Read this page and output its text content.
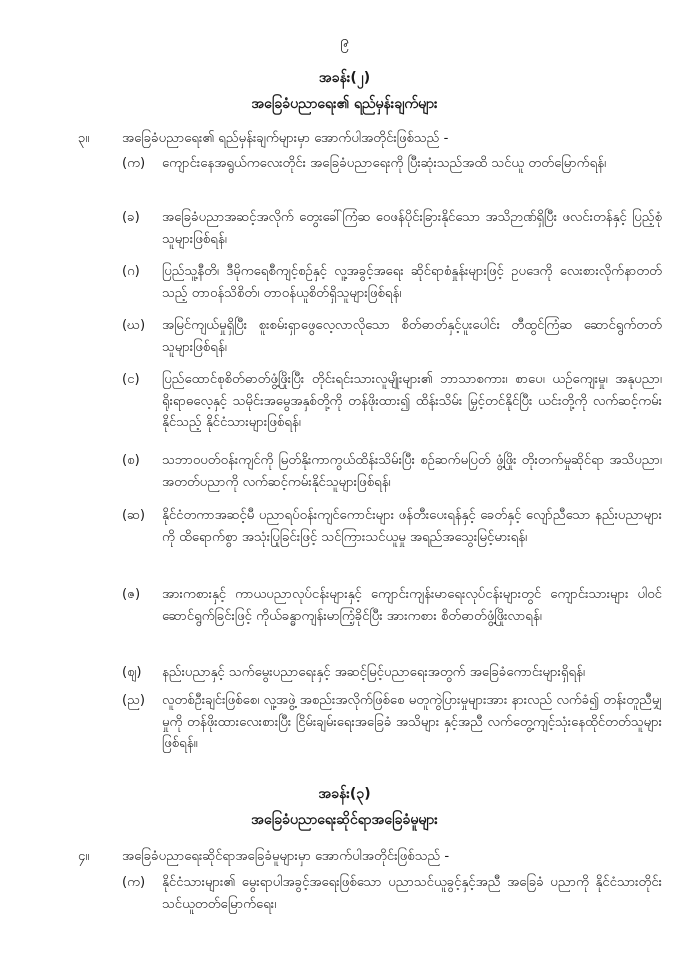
၉
အခန်း(၂)
အခြေခံပညာရေး၏ ရည်မှန်းချက်များ
၃။ အခြေခံပညာရေး၏ ရည်မှန်းချက်များမှာ အောက်ပါအတိုင်းဖြစ်သည် -
(က)	ကျောင်းနေအရွယ်ကလေးတိုင်း အခြေခံပညာရေးကို ပြီးဆုံးသည်အထိ သင်ယူ တတ်မြောက်ရန်၊
(ခ)	အခြေခံပညာအဆင့်အလိုက် တွေးခေါ်ကြံဆ ဝေဖန်ပိုင်းခြားနိုင်သော အသိဉာဏ်ရှိပြီး ဖလင်းတန်နှင့် ပြည့်စုံသူများဖြစ်ရန်၊
(ဂ)	ပြည်သူ့နီတိ၊ ဒီမိုကရေစီကျင့်စဉ်နှင့် လူ့အခွင့်အရေး ဆိုင်ရာစံနှုန်းများဖြင့် ဥပဒေကို လေးစားလိုက်နာတတ်သည့် တာဝန်သိစိတ်၊ တာဝန်ယူစိတ်ရှိသူများဖြစ်ရန်၊
(ဃ)	အမြင်ကျယ်မှုရှိပြီး စူးစမ်းရှာဖွေလေ့လာလိုသော စိတ်ဓာတ်နှင့်ပူးပေါင်း တီထွင်ကြံဆ ဆောင်ရွက်တတ်သူများဖြစ်ရန်၊
(င)	ပြည်ထောင်စုစိတ်ဓာတ်ဖွံ့ဖြိုးပြီး တိုင်းရင်းသားလူမျိုးများ၏ ဘာသာစကား၊ စာပေ၊ ယဉ်ကျေးမှု၊ အနုပညာ၊ ရိုးရာဓလေ့နှင့် သမိုင်းအမွေအနှစ်တို့ကို တန်ဖိုးထား၍ ထိန်းသိမ်း မြှင့်တင်နိုင်ပြီး ယင်းတို့ကို လက်ဆင့်ကမ်းနိုင်သည့် နိုင်ငံသားများဖြစ်ရန်၊
(စ)	သဘာဝပတ်ဝန်းကျင်ကို မြတ်နိုးကာကွယ်ထိန်းသိမ်းပြီး စဉ်ဆက်မပြတ် ဖွံ့ဖြိုး တိုးတက်မှုဆိုင်ရာ အသိပညာ၊ အတတ်ပညာကို လက်ဆင့်ကမ်းနိုင်သူများဖြစ်ရန်၊
(ဆ)	နိုင်ငံတကာအဆင့်မီ ပညာရပ်ဝန်းကျင်ကောင်းများ ဖန်တီးပေးရန်နှင့် ခေတ်နှင့် လျော်ညီသော နည်းပညာများကို ထိရောက်စွာ အသုံးပြုခြင်းဖြင့် သင်ကြားသင်ယူမှု အရည်အသွေးမြင့်မားရန်၊
(ဇ)	အားကစားနှင့် ကာယပညာလုပ်ငန်းများနှင့် ကျောင်းကျန်းမာရေးလုပ်ငန်းများတွင် ကျောင်းသားများ ပါဝင်ဆောင်ရွက်ခြင်းဖြင့် ကိုယ်ခန္ဓာကျန်းမာကြံ့ခိုင်ပြီး အားကစား စိတ်ဓာတ်ဖွံ့ဖြိုးလာရန်၊
(ဈ)	နည်းပညာနှင့် သက်မွေးပညာရေးနှင့် အဆင့်မြင့်ပညာရေးအတွက် အခြေခံကောင်းများရှိရန်၊
(ည)	လူတစ်ဦးချင်းဖြစ်စေ၊ လူ့အဖွဲ့ အစည်းအလိုက်ဖြစ်စေ မတူကွဲပြားမှုများအား နားလည် လက်ခံ၍ တန်းတူညီမျှမှုကို တန်ဖိုးထားလေးစားပြီး ငြိမ်းချမ်းရေးအခြေခံ အသိများ နှင့်အညီ လက်တွေ့ကျင့်သုံးနေထိုင်တတ်သူများဖြစ်ရန်။
အခန်း(၃)
အခြေခံပညာရေးဆိုင်ရာအခြေခံမူများ
၄။ အခြေခံပညာရေးဆိုင်ရာအခြေခံမူများမှာ အောက်ပါအတိုင်းဖြစ်သည် -
(က)	နိုင်ငံသားများ၏ မွေးရာပါအခွင့်အရေးဖြစ်သော ပညာသင်ယူခွင့်နှင့်အညီ အခြေခံ ပညာကို နိုင်ငံသားတိုင်း သင်ယူတတ်မြောက်ရေး၊
